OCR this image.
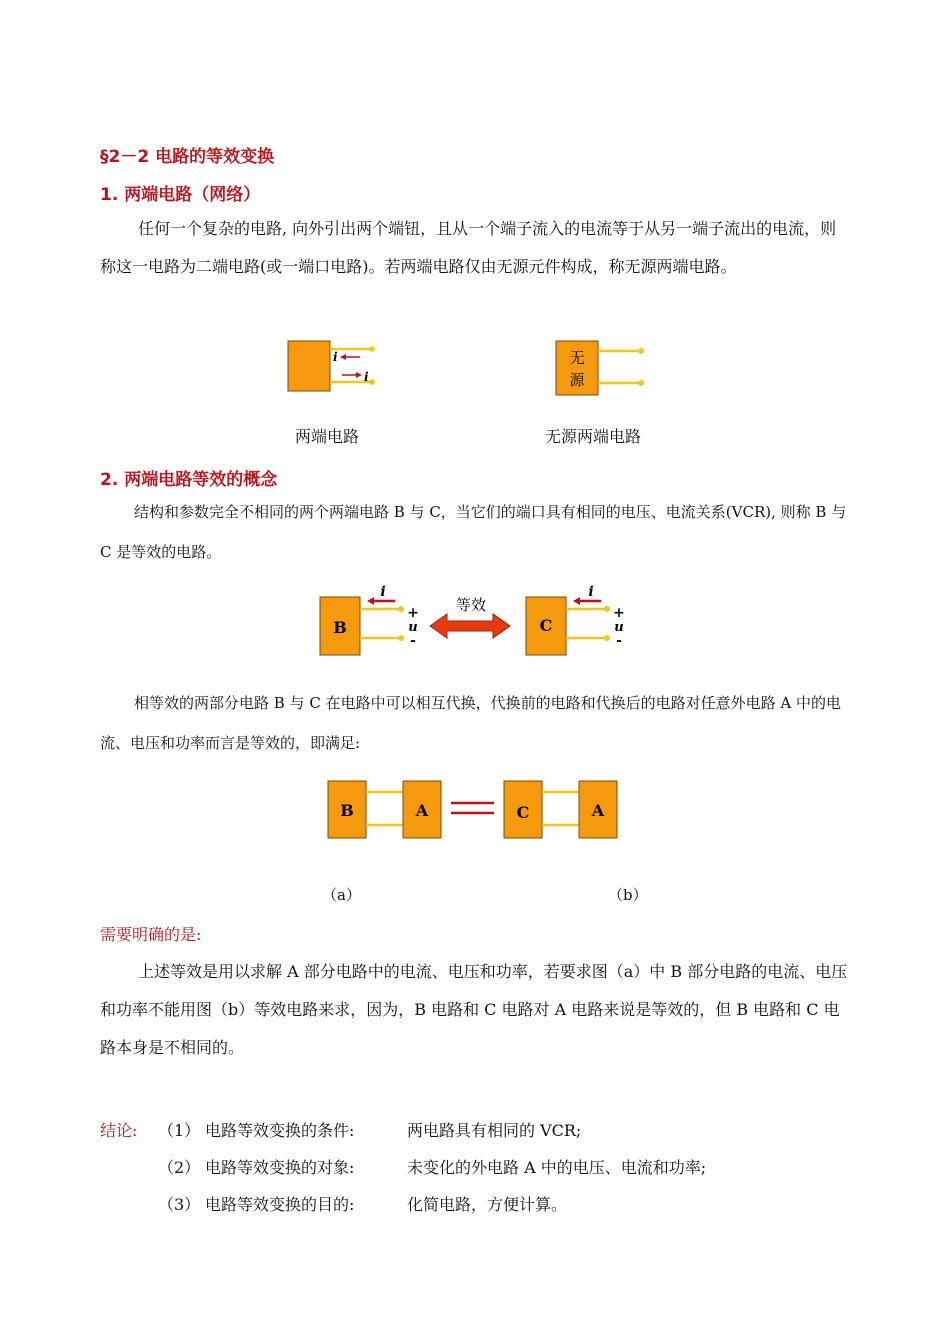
§2－2 电路的等效变换
1. 两端电路（网络）
任何一个复杂的电路, 向外引出两个端钮，且从一个端子流入的电流等于从另一端子流出的电流，则称这一电路为二端电路(或一端口电路)。若两端电路仅由无源元件构成，称无源两端电路。
i
i
无
源
两端电路	无源两端电路
2. 两端电路等效的概念
结构和参数完全不相同的两个两端电路 B 与 C，当它们的端口具有相同的电压、电流关系(VCR), 则称 B 与 C 是等效的电路。
B
i
+
u
-
等效
C
i
+
u
-
相等效的两部分电路 B 与 C 在电路中可以相互代换，代换前的电路和代换后的电路对任意外电路 A 中的电流、电压和功率而言是等效的，即满足:
B	A	C	A
（a）	（b）
需要明确的是:
上述等效是用以求解 A 部分电路中的电流、电压和功率，若要求图（a）中 B 部分电路的电流、电压和功率不能用图（b）等效电路来求，因为，B 电路和 C 电路对 A 电路来说是等效的，但 B 电路和 C 电路本身是不相同的。
结论: （1） 电路等效变换的条件:	两电路具有相同的 VCR;
（2） 电路等效变换的对象:	未变化的外电路 A 中的电压、电流和功率;
（3） 电路等效变换的目的:	化简电路，方便计算。
